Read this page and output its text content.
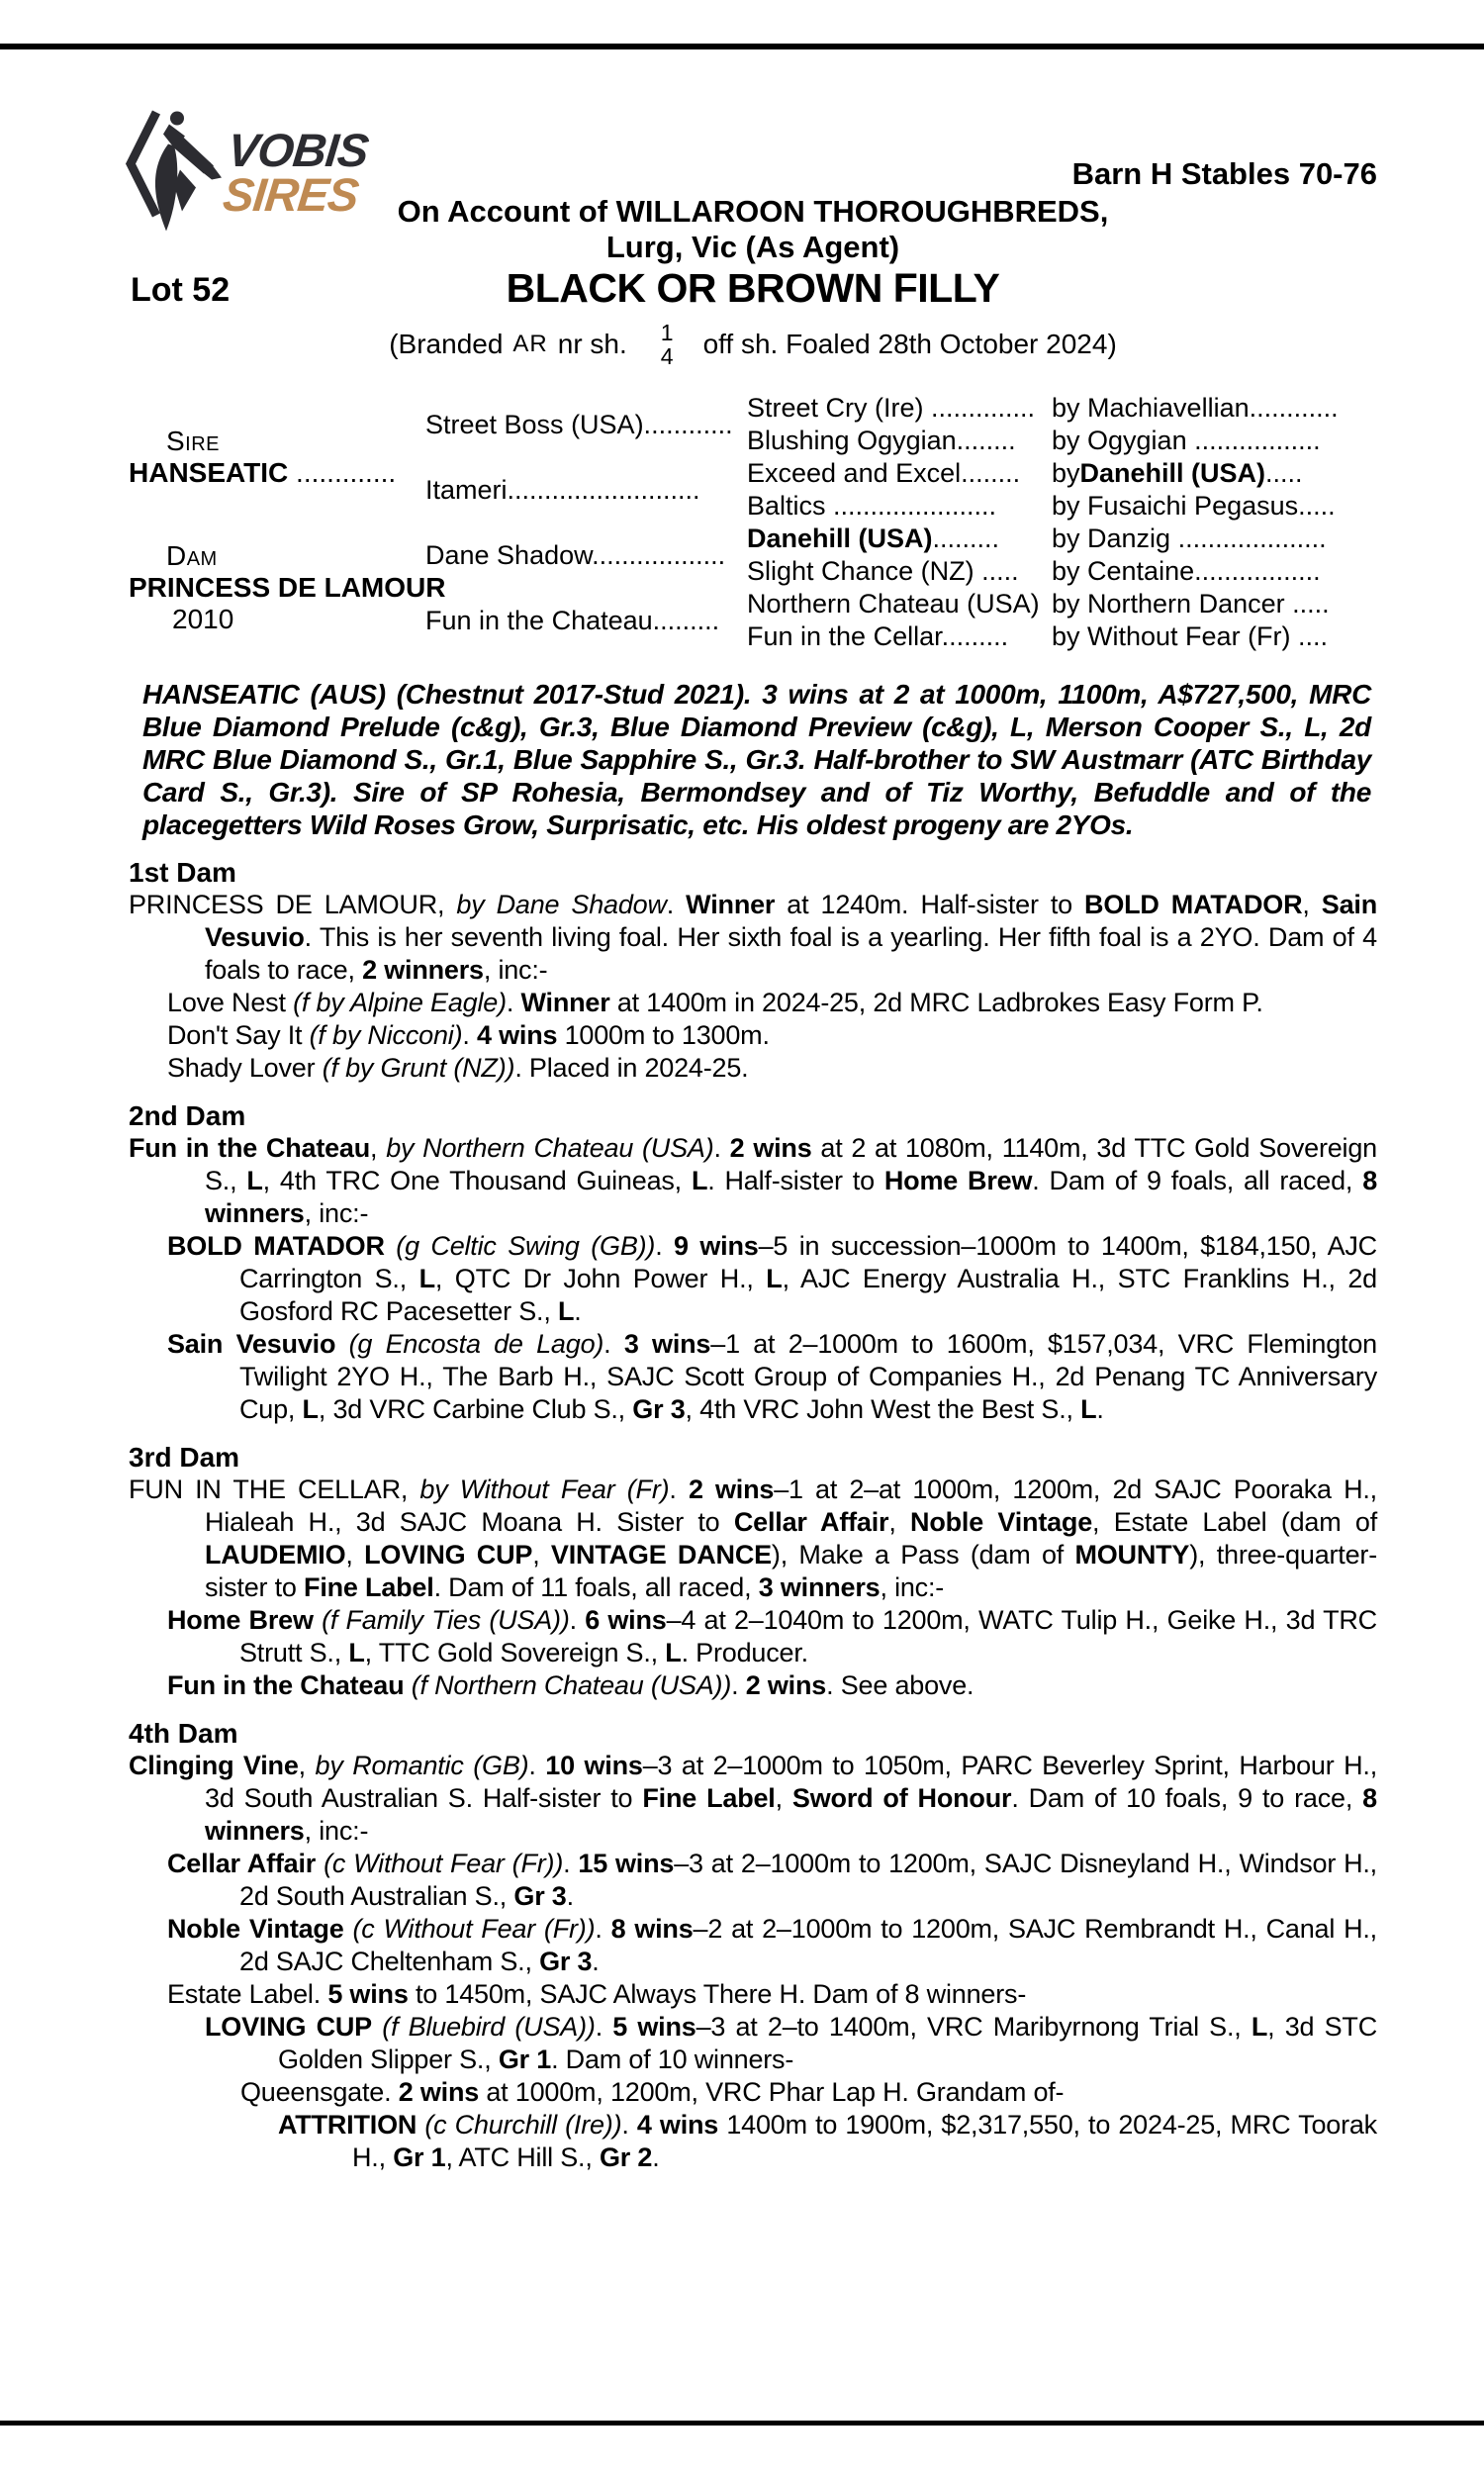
VOBIS
SIRES	Barn H Stables 70-76
On Account of WILLAROON THOROUGHBREDS,
Lurg, Vic (As Agent)
Lot 52	BLACK OR BROWN FILLY
(Branded AR nr sh. 1
4 off sh. Foaled 28th October 2024)
Sire
HANSEATIC .............
Dam
PRINCESS DE LAMOUR
2010
Street Boss (USA)............
Itameri..........................
Dane Shadow..................
Fun in the Chateau.........
Street Cry (Ire) .............. by Machiavellian............
Blushing Ogygian........ by Ogygian .................
Exceed and Excel........ by Danehill (USA) .....
Baltics ...................... by Fusaichi Pegasus.....
Danehill (USA) ......... by Danzig ....................
Slight Chance (NZ) ..... by Centaine.................
Northern Chateau (USA) by Northern Dancer .....
Fun in the Cellar......... by Without Fear (Fr) ....

HANSEATIC (AUS) (Chestnut 2017-Stud 2021). 3 wins at 2 at 1000m, 1100m, A$727,500, MRC Blue Diamond Prelude (c&g), Gr.3, Blue Diamond Preview (c&g), L, Merson Cooper S., L, 2d MRC Blue Diamond S., Gr.1, Blue Sapphire S., Gr.3. Half-brother to SW Austmarr (ATC Birthday Card S., Gr.3). Sire of SP Rohesia, Bermondsey and of Tiz Worthy, Befuddle and of the placegetters Wild Roses Grow, Surprisatic, etc. His oldest progeny are 2YOs.

1st Dam

PRINCESS DE LAMOUR, by Dane Shadow. Winner at 1240m. Half-sister to BOLD MATADOR, Sain Vesuvio. This is her seventh living foal. Her sixth foal is a yearling. Her fifth foal is a 2YO. Dam of 4 foals to race, 2 winners, inc:-

Love Nest (f by Alpine Eagle). Winner at 1400m in 2024-25, 2d MRC Ladbrokes Easy Form P.

Don't Say It (f by Nicconi). 4 wins 1000m to 1300m.

Shady Lover (f by Grunt (NZ)). Placed in 2024-25.

2nd Dam

Fun in the Chateau, by Northern Chateau (USA). 2 wins at 2 at 1080m, 1140m, 3d TTC Gold Sovereign S., L, 4th TRC One Thousand Guineas, L. Half-sister to Home Brew. Dam of 9 foals, all raced, 8 winners, inc:-

BOLD MATADOR (g Celtic Swing (GB)). 9 wins–5 in succession–1000m to 1400m, $184,150, AJC Carrington S., L, QTC Dr John Power H., L, AJC Energy Australia H., STC Franklins H., 2d Gosford RC Pacesetter S., L.

Sain Vesuvio (g Encosta de Lago). 3 wins–1 at 2–1000m to 1600m, $157,034, VRC Flemington Twilight 2YO H., The Barb H., SAJC Scott Group of Companies H., 2d Penang TC Anniversary Cup, L, 3d VRC Carbine Club S., Gr 3, 4th VRC John West the Best S., L.

3rd Dam

FUN IN THE CELLAR, by Without Fear (Fr). 2 wins–1 at 2–at 1000m, 1200m, 2d SAJC Pooraka H., Hialeah H., 3d SAJC Moana H. Sister to Cellar Affair, Noble Vintage, Estate Label (dam of LAUDEMIO, LOVING CUP, VINTAGE DANCE), Make a Pass (dam of MOUNTY), three-quarter-sister to Fine Label. Dam of 11 foals, all raced, 3 winners, inc:-

Home Brew (f Family Ties (USA)). 6 wins–4 at 2–1040m to 1200m, WATC Tulip H., Geike H., 3d TRC Strutt S., L, TTC Gold Sovereign S., L. Producer.

Fun in the Chateau (f Northern Chateau (USA)). 2 wins. See above.

4th Dam

Clinging Vine, by Romantic (GB). 10 wins–3 at 2–1000m to 1050m, PARC Beverley Sprint, Harbour H., 3d South Australian S. Half-sister to Fine Label, Sword of Honour. Dam of 10 foals, 9 to race, 8 winners, inc:-

Cellar Affair (c Without Fear (Fr)). 15 wins–3 at 2–1000m to 1200m, SAJC Disneyland H., Windsor H., 2d South Australian S., Gr 3.

Noble Vintage (c Without Fear (Fr)). 8 wins–2 at 2–1000m to 1200m, SAJC Rembrandt H., Canal H., 2d SAJC Cheltenham S., Gr 3.

Estate Label. 5 wins to 1450m, SAJC Always There H. Dam of 8 winners-

LOVING CUP (f Bluebird (USA)). 5 wins–3 at 2–to 1400m, VRC Maribyrnong Trial S., L, 3d STC Golden Slipper S., Gr 1. Dam of 10 winners-

Queensgate. 2 wins at 1000m, 1200m, VRC Phar Lap H. Grandam of-

ATTRITION (c Churchill (Ire)). 4 wins 1400m to 1900m, $2,317,550, to 2024-25, MRC Toorak H., Gr 1, ATC Hill S., Gr 2.
